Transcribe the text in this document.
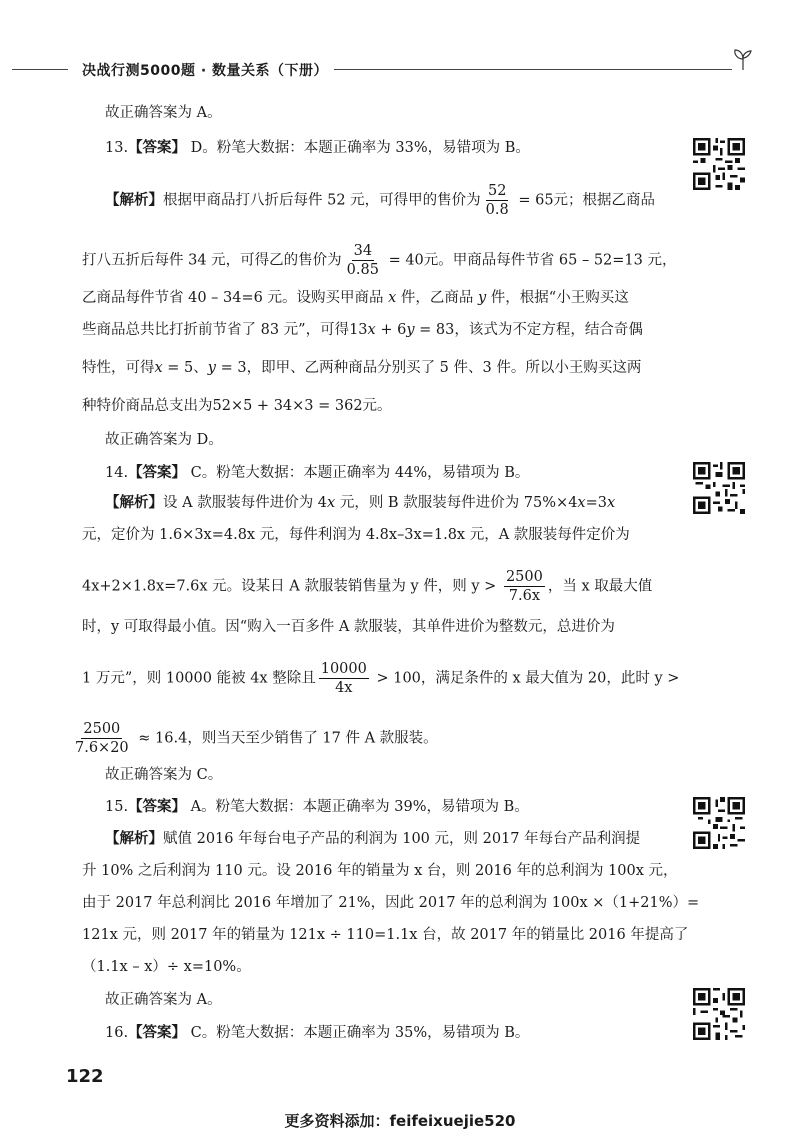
决战行测5000题 · 数量关系（下册）
故正确答案为 A。
13.【答案】 D。粉笔大数据：本题正确率为 33%，易错项为 B。
【解析】根据甲商品打八折后每件 52 元，可得甲的售价为 $\frac{52}{0.8} = 65$元；根据乙商品
打八五折后每件 34 元，可得乙的售价为 $\frac{34}{0.85} = 40$元。甲商品每件节省 65 – 52=13 元，
乙商品每件节省 40 – 34=6 元。设购买甲商品 x 件，乙商品 y 件，根据“小王购买这
些商品总共比打折前节省了 83 元”，可得13x + 6y = 83，该式为不定方程，结合奇偶
特性，可得x = 5、y = 3，即甲、乙两种商品分别买了 5 件、3 件。所以小王购买这两
种特价商品总支出为52×5 + 34×3 = 362元。
故正确答案为 D。
14.【答案】 C。粉笔大数据：本题正确率为 44%，易错项为 B。
【解析】设 A 款服装每件进价为 4x 元，则 B 款服装每件进价为 75%×4x=3x
元，定价为 1.6×3x=4.8x 元，每件利润为 4.8x–3x=1.8x 元，A 款服装每件定价为
4x+2×1.8x=7.6x 元。设某日 A 款服装销售量为 y 件，则 $y > \frac{2500}{7.6x}$ ，当 x 取最大值
时，y 可取得最小值。因“购入一百多件 A 款服装，其单件进价为整数元，总进价为
1 万元”，则 10000 能被 4x 整除且 $\frac{10000}{4x} > 100$，满足条件的 x 最大值为 20，此时 y >
$\frac{2500}{7.6\times 20} \approx 16.4$，则当天至少销售了 17 件 A 款服装。
故正确答案为 C。
15.【答案】 A。粉笔大数据：本题正确率为 39%，易错项为 B。
【解析】赋值 2016 年每台电子产品的利润为 100 元，则 2017 年每台产品利润提
升 10% 之后利润为 110 元。设 2016 年的销量为 x 台，则 2016 年的总利润为 100x 元，
由于 2017 年总利润比 2016 年增加了 21%，因此 2017 年的总利润为 100x ×（1+21%）=
121x 元，则 2017 年的销量为 121x ÷ 110=1.1x 台，故 2017 年的销量比 2016 年提高了
（1.1x – x）÷ x=10%。
故正确答案为 A。
16.【答案】 C。粉笔大数据：本题正确率为 35%，易错项为 B。
122
更多资料添加：feifeixuejie520
